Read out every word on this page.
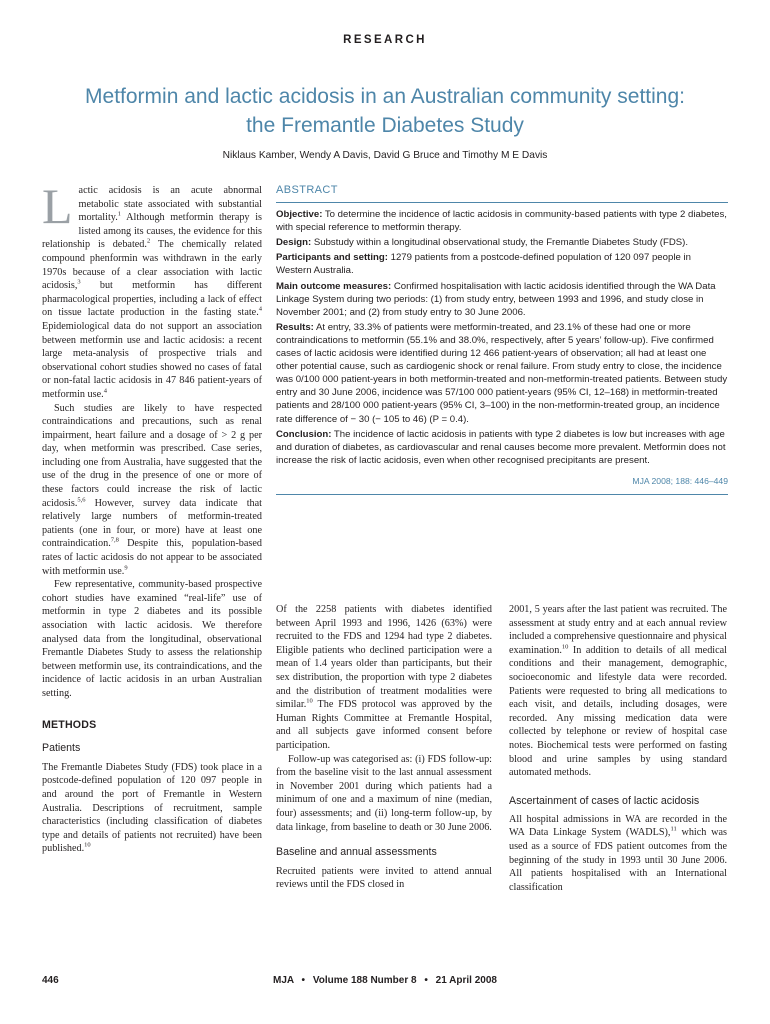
RESEARCH
Metformin and lactic acidosis in an Australian community setting:
the Fremantle Diabetes Study
Niklaus Kamber, Wendy A Davis, David G Bruce and Timothy M E Davis

Lactic acidosis is an acute abnormal metabolic state associated with substantial mortality.$^1$ Although metformin therapy is listed among its causes, the evidence for this relationship is debated.$^2$ The chemically related compound phenformin was withdrawn in the early 1970s because of a clear association with lactic acidosis,$^3$ but metformin has different pharmacological properties, including a lack of effect on tissue lactate production in the fasting state.$^4$ Epidemiological data do not support an association between metformin use and lactic acidosis: a recent large meta-analysis of prospective trials and observational cohort studies showed no cases of fatal or non-fatal lactic acidosis in 47 846 patient-years of metformin use.$^4$

Such studies are likely to have respected contraindications and precautions, such as renal impairment, heart failure and a dosage of > 2 g per day, when metformin was prescribed. Case series, including one from Australia, have suggested that the use of the drug in the presence of one or more of these factors could increase the risk of lactic acidosis.$^{5,6}$ However, survey data indicate that relatively large numbers of metformin-treated patients (one in four, or more) have at least one contraindication.$^{7,8}$ Despite this, population-based rates of lactic acidosis do not appear to be associated with metformin use.$^9$

Few representative, community-based prospective cohort studies have examined “real-life” use of metformin in type 2 diabetes and its possible association with lactic acidosis. We therefore analysed data from the longitudinal, observational Fremantle Diabetes Study to assess the relationship between metformin use, its contraindications, and the incidence of lactic acidosis in an urban Australian setting.

METHODS
Patients

The Fremantle Diabetes Study (FDS) took place in a postcode-defined population of 120 097 people in and around the port of Fremantle in Western Australia. Descriptions of recruitment, sample characteristics (including classification of diabetes type and details of patients not recruited) have been published.$^{10}$

ABSTRACT

Objective: To determine the incidence of lactic acidosis in community-based patients with type 2 diabetes, with special reference to metformin therapy.

Design: Substudy within a longitudinal observational study, the Fremantle Diabetes Study (FDS).

Participants and setting: 1279 patients from a postcode-defined population of 120 097 people in Western Australia.

Main outcome measures: Confirmed hospitalisation with lactic acidosis identified through the WA Data Linkage System during two periods: (1) from study entry, between 1993 and 1996, and study close in November 2001; and (2) from study entry to 30 June 2006.

Results: At entry, 33.3% of patients were metformin-treated, and 23.1% of these had one or more contraindications to metformin (55.1% and 38.0%, respectively, after 5 years’ follow-up). Five confirmed cases of lactic acidosis were identified during 12 466 patient-years of observation; all had at least one other potential cause, such as cardiogenic shock or renal failure. From study entry to close, the incidence was 0/100 000 patient-years in both metformin-treated and non-metformin-treated patients. Between study entry and 30 June 2006, incidence was 57/100 000 patient-years (95% CI, 12–168) in metformin-treated patients and 28/100 000 patient-years (95% CI, 3–100) in the non-metformin-treated group, an incidence rate difference of − 30 (− 105 to 46) (P = 0.4).

Conclusion: The incidence of lactic acidosis in patients with type 2 diabetes is low but increases with age and duration of diabetes, as cardiovascular and renal causes become more prevalent. Metformin does not increase the risk of lactic acidosis, even when other recognised precipitants are present.

MJA 2008; 188: 446–449

Of the 2258 patients with diabetes identified between April 1993 and 1996, 1426 (63%) were recruited to the FDS and 1294 had type 2 diabetes. Eligible patients who declined participation were a mean of 1.4 years older than participants, but their sex distribution, the proportion with type 2 diabetes and the distribution of treatment modalities were similar.$^{10}$ The FDS protocol was approved by the Human Rights Committee at Fremantle Hospital, and all subjects gave informed consent before participation.

Follow-up was categorised as: (i) FDS follow-up: from the baseline visit to the last annual assessment in November 2001 during which patients had a minimum of one and a maximum of nine (median, four) assessments; and (ii) long-term follow-up, by data linkage, from baseline to death or 30 June 2006.

Baseline and annual assessments

Recruited patients were invited to attend annual reviews until the FDS closed in

2001, 5 years after the last patient was recruited. The assessment at study entry and at each annual review included a comprehensive questionnaire and physical examination.$^{10}$ In addition to details of all medical conditions and their management, demographic, socioeconomic and lifestyle data were recorded. Patients were requested to bring all medications to each visit, and details, including dosages, were recorded. Any missing medication data were collected by telephone or review of hospital case notes. Biochemical tests were performed on fasting blood and urine samples by using standard automated methods.

Ascertainment of cases of lactic acidosis

All hospital admissions in WA are recorded in the WA Data Linkage System (WADLS),$^{11}$ which was used as a source of FDS patient outcomes from the beginning of the study in 1993 until 30 June 2006. All patients hospitalised with an International classification

446	MJA • Volume 188 Number 8 • 21 April 2008
